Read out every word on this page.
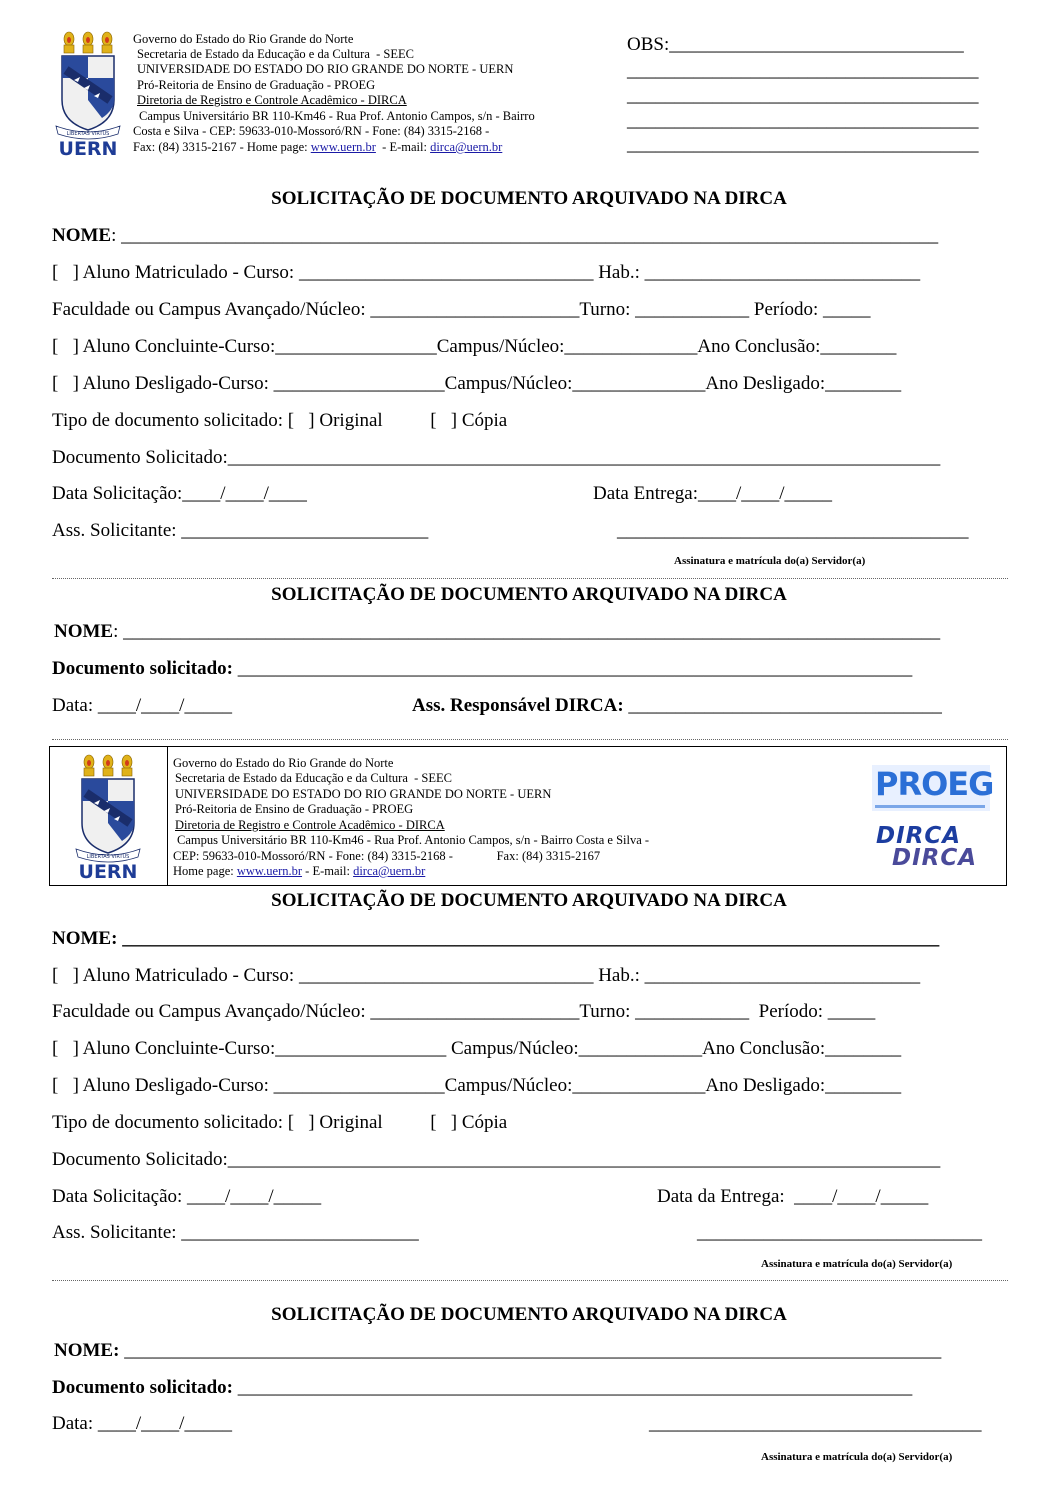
LIBERTAS VIRTUS
UERN
Governo do Estado do Rio Grande do Norte
Secretaria de Estado da Educação e da Cultura  - SEEC
UNIVERSIDADE DO ESTADO DO RIO GRANDE DO NORTE - UERN
Pró-Reitoria de Ensino de Graduação - PROEG
Diretoria de Registro e Controle Acadêmico - DIRCA
Campus Universitário BR 110-Km46 - Rua Prof. Antonio Campos, s/n - Bairro
Costa e Silva - CEP: 59633-010-Mossoró/RN - Fone: (84) 3315-2168 -
Fax: (84) 3315-2167 - Home page: www.uern.br  - E-mail: dirca@uern.br
OBS:_______________________________
_____________________________________
_____________________________________
_____________________________________
_____________________________________
SOLICITAÇÃO DE DOCUMENTO ARQUIVADO NA DIRCA
NOME: ______________________________________________________________________________________
[   ] Aluno Matriculado - Curso: _______________________________ Hab.: _____________________________
Faculdade ou Campus Avançado/Núcleo: ______________________Turno: ____________ Período: _____
[   ] Aluno Concluinte-Curso:_________________Campus/Núcleo:______________Ano Conclusão:________
[   ] Aluno Desligado-Curso: __________________Campus/Núcleo:______________Ano Desligado:________
Tipo de documento solicitado: [   ] Original          [   ] Cópia
Documento Solicitado:___________________________________________________________________________
Data Solicitação:____/____/____	Data Entrega:____/____/_____
Ass. Solicitante: __________________________	_____________________________________
Assinatura e matrícula do(a) Servidor(a)
SOLICITAÇÃO DE DOCUMENTO ARQUIVADO NA DIRCA
NOME: ______________________________________________________________________________________
Documento solicitado: _______________________________________________________________________
Data: ____/____/_____	Ass. Responsável DIRCA: _________________________________
LIBERTAS VIRTUS
UERN
Governo do Estado do Rio Grande do Norte
Secretaria de Estado da Educação e da Cultura  - SEEC
UNIVERSIDADE DO ESTADO DO RIO GRANDE DO NORTE - UERN
Pró-Reitoria de Ensino de Graduação - PROEG
Diretoria de Registro e Controle Acadêmico - DIRCA
Campus Universitário BR 110-Km46 - Rua Prof. Antonio Campos, s/n - Bairro Costa e Silva -
CEP: 59633-010-Mossoró/RN - Fone: (84) 3315-2168 -              Fax: (84) 3315-2167
Home page: www.uern.br - E-mail: dirca@uern.br
PROEG
DIRCA
DIRCA
SOLICITAÇÃO DE DOCUMENTO ARQUIVADO NA DIRCA
NOME: ______________________________________________________________________________________
[   ] Aluno Matriculado - Curso: _______________________________ Hab.: _____________________________
Faculdade ou Campus Avançado/Núcleo: ______________________Turno: ____________  Período: _____
[   ] Aluno Concluinte-Curso:__________________ Campus/Núcleo:_____________Ano Conclusão:________
[   ] Aluno Desligado-Curso: __________________Campus/Núcleo:______________Ano Desligado:________
Tipo de documento solicitado: [   ] Original          [   ] Cópia
Documento Solicitado:___________________________________________________________________________
Data Solicitação: ____/____/_____	Data da Entrega:  ____/____/_____
Ass. Solicitante: _________________________	______________________________
Assinatura e matrícula do(a) Servidor(a)
SOLICITAÇÃO DE DOCUMENTO ARQUIVADO NA DIRCA
NOME: ______________________________________________________________________________________
Documento solicitado: _______________________________________________________________________
Data: ____/____/_____	___________________________________
Assinatura e matrícula do(a) Servidor(a)
